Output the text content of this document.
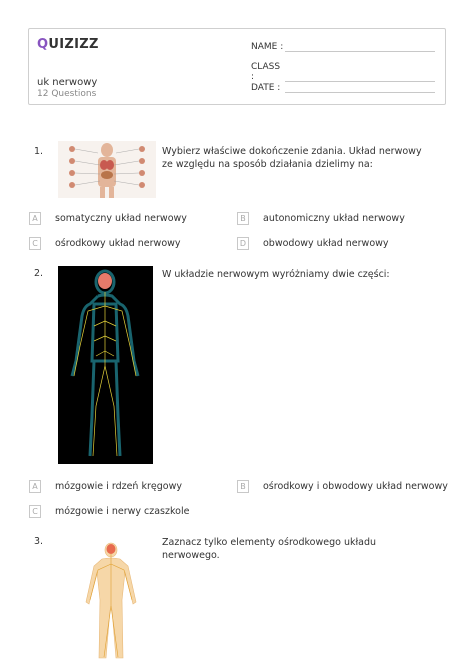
QUIZIZZ
uk nerwowy
12 Questions
NAME :
CLASS :
DATE :
1.	Wybierz właściwe dokończenie zdania. Układ nerwowy ze względu na sposób działania dzielimy na:
A	somatyczny układ nerwowy	B	autonomiczny układ nerwowy
C	ośrodkowy układ nerwowy	D	obwodowy układ nerwowy
2.	W układzie nerwowym wyróżniamy dwie części:
A	mózgowie i rdzeń kręgowy	B	ośrodkowy i obwodowy układ nerwowy
C	mózgowie i nerwy czaszkole
3.	Zaznacz tylko elementy ośrodkowego układu nerwowego.
